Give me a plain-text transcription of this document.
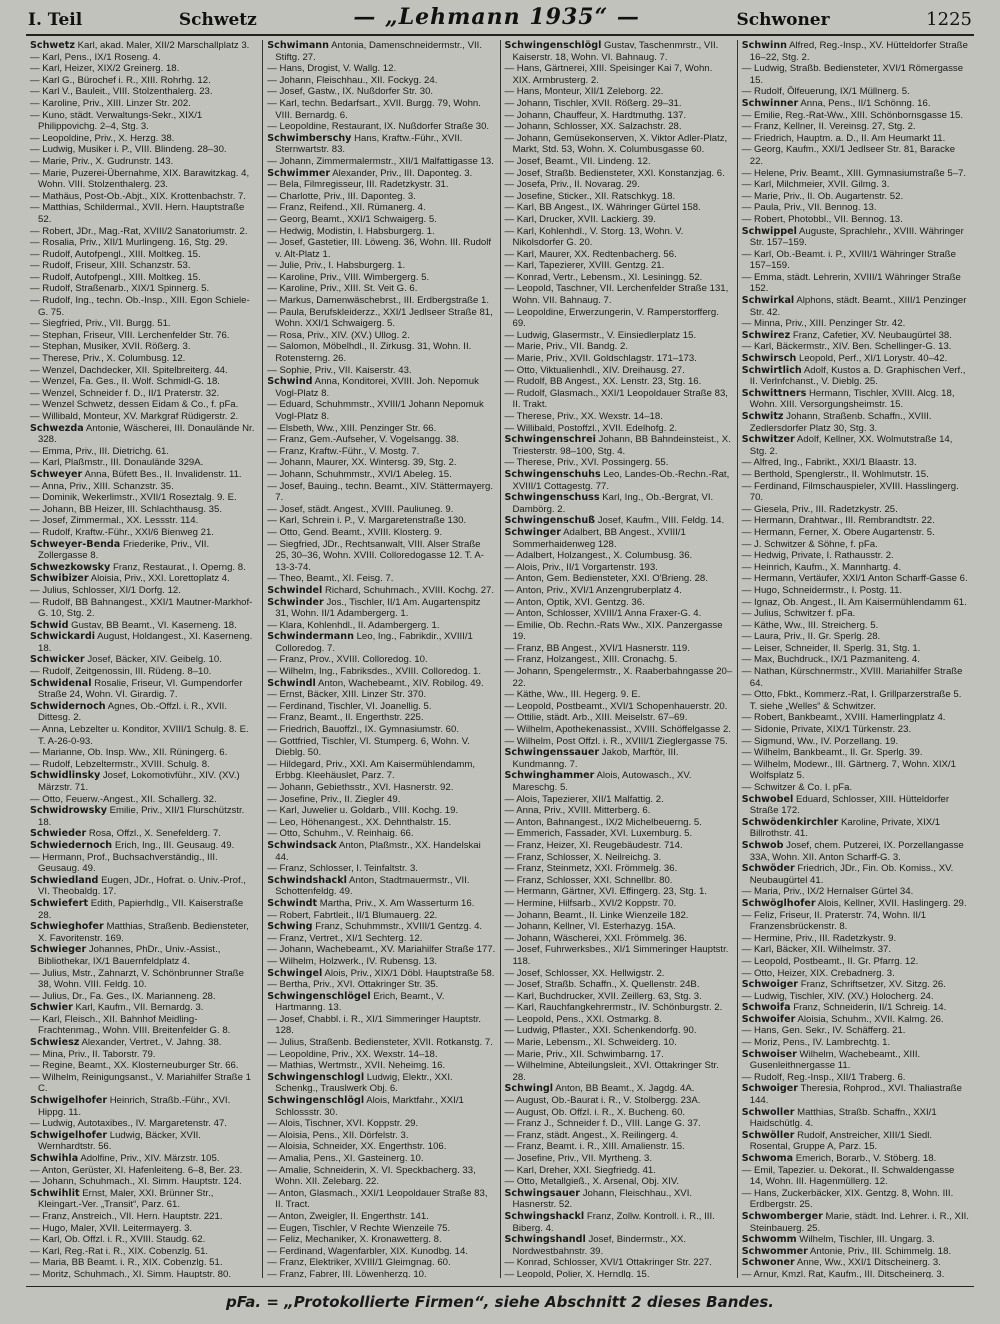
I. Teil	Schwetz	— „Lehmann 1935“ —	Schwoner	1225

Schwetz Karl, akad. Maler, XII/2 Marschallplatz 3.

— Karl, Pens., IX/1 Roseng. 4.

— Karl, Heizer, XIX/2 Greinerg. 18.

— Karl G., Bürochef i. R., XIII. Rohrhg. 12.

— Karl V., Bauleit., VIII. Stolzenthalerg. 23.

— Karoline, Priv., XIII. Linzer Str. 202.

— Kuno, städt. Verwaltungs-Sekr., XIX/1 Philippovichg. 2–4, Stg. 3.

— Leopoldine, Priv., X. Herzg. 38.

— Ludwig, Musiker i. P., VIII. Blindeng. 28–30.

— Marie, Priv., X. Gudrunstr. 143.

— Marie, Puzerei-Übernahme, XIX. Barawitzkag. 4, Wohn. VIII. Stolzenthalerg. 23.

— Mathäus, Post-Ob.-Abjt., XIX. Krottenbachstr. 7.

— Matthias, Schildermal., XVII. Hern. Hauptstraße 52.

— Robert, JDr., Mag.-Rat, XVIII/2 Sanatoriumstr. 2.

— Rosalia, Priv., XII/1 Murlingeng. 16, Stg. 29.

— Rudolf, Autofpengl., XIII. Moltkeg. 15.

— Rudolf, Friseur, XIII. Schanzstr. 53.

— Rudolf, Autofpengl., XIII. Moltkeg. 15.

— Rudolf, Straßenarb., XIX/1 Spinnerg. 5.

— Rudolf, Ing., techn. Ob.-Insp., XIII. Egon Schiele-G. 75.

— Siegfried, Priv., VII. Burgg. 51.

— Stephan, Friseur, VIII. Lerchenfelder Str. 76.

— Stephan, Musiker, XVII. Rößerg. 3.

— Therese, Priv., X. Columbusg. 12.

— Wenzel, Dachdecker, XII. Spitelbreiterg. 44.

— Wenzel, Fa. Ges., II. Wolf. Schmidl-G. 18.

— Wenzel, Schneider f. D., II/1 Praterstr. 32.

— Wenzel Schwetz, dessen Eidam & Co., f. pFa.

— Willibald, Monteur, XV. Markgraf Rüdigerstr. 2.

Schwezda Antonie, Wäscherei, III. Donaulände Nr. 328.

— Emma, Priv., III. Dietrichg. 61.

— Karl, Plaßmstr., III. Donaulände 329A.

Schweyer Anna, Büfett Bes., II. Invalidenstr. 11.

— Anna, Priv., XIII. Schanzstr. 35.

— Dominik, Wekerlimstr., XVII/1 Roseztalg. 9. E.

— Johann, BB Heizer, III. Schlachthausg. 35.

— Josef, Zimmermal., XX. Lessstr. 114.

— Rudolf, Kraftw.-Führ., XXI/6 Bienweg 21.

Schweyer-Benda Friederike, Priv., VII. Zollergasse 8.

Schwezkowsky Franz, Restaurat., I. Operng. 8.

Schwibizer Aloisia, Priv., XXI. Lorettoplatz 4.

— Julius, Schlosser, XI/1 Dorfg. 12.

— Rudolf, BB Bahnangest., XXI/1 Mautner-Markhof-G. 10, Stg. 2.

Schwid Gustav, BB Beamt., VI. Kaserneng. 18.

Schwickardi August, Holdangest., XI. Kaserneng. 18.

Schwicker Josef, Bäcker, XIV. Geibelg. 10.

— Rudolf, Zeitgenossin, III. Rüdeng. 8–10.

Schwidenal Rosalie, Friseur, VI. Gumpendorfer Straße 24, Wohn. VI. Girardig. 7.

Schwidernoch Agnes, Ob.-Offzl. i. R., XVII. Dittesg. 2.

— Anna, Lebzelter u. Konditor, XVIII/1 Schulg. 8. E. T. A-26-0-93.

— Marianne, Ob. Insp. Ww., XII. Rüningerg. 6.

— Rudolf, Lebzeltermstr., XVIII. Schulg. 8.

Schwidlinsky Josef, Lokomotivführ., XIV. (XV.) Märzstr. 71.

— Otto, Feuerw.-Angest., XII. Schallerg. 32.

Schwidrowsky Emilie, Priv., XII/1 Flurschützstr. 18.

Schwieder Rosa, Offzl., X. Senefelderg. 7.

Schwiedernoch Erich, Ing., III. Geusaug. 49.

— Hermann, Prof., Buchsachverständig., III. Geusaug. 49.

Schwiedland Eugen, JDr., Hofrat. o. Univ.-Prof., VI. Theobaldg. 17.

Schwiefert Edith, Papierhdlg., VII. Kaiserstraße 28.

Schwieghofer Matthias, Straßenb. Bediensteter, X. Favoritenstr. 169.

Schwieger Johannes, PhDr., Univ.-Assist., Bibliothekar, IX/1 Bauernfeldplatz 4.

— Julius, Mstr., Zahnarzt, V. Schönbrunner Straße 38, Wohn. VIII. Feldg. 10.

— Julius, Dr., Fa. Ges., IX. Marianneng. 28.

Schwier Karl, Kaufm., VII. Bernardg. 3.

— Karl, Fleisch., XII. Bahnhof Meidling-Frachtenmag., Wohn. VIII. Breitenfelder G. 8.

Schwiesz Alexander, Vertret., V. Jahng. 38.

— Mina, Priv., II. Taborstr. 79.

— Regine, Beamt., XX. Klosterneuburger Str. 66.

— Wilhelm, Reinigungsanst., V. Mariahilfer Straße 1 C.

Schwigelhofer Heinrich, Straßb.-Führ., XVI. Hippg. 11.

— Ludwig, Autotaxibes., IV. Margaretenstr. 47.

Schwigelhofer Ludwig, Bäcker, XVII. Wernhardtstr. 56.

Schwihla Adolfine, Priv., XIV. Märzstr. 105.

— Anton, Gerüster, XI. Hafenleiteng. 6–8, Ber. 23.

— Johann, Schuhmach., XI. Simm. Hauptstr. 124.

Schwihlit Ernst, Maler, XXI. Brünner Str., Kleingart.-Ver. „Transit“, Parz. 61.

— Franz, Anstreich., VII. Hern. Hauptstr. 221.

— Hugo, Maler, XVII. Leitermayerg. 3.

— Karl, Ob. Offzl. i. R., XVIII. Staudg. 62.

— Karl, Reg.-Rat i. R., XIX. Cobenzlg. 51.

— Maria, BB Beamt. i. R., XIX. Cobenzlg. 51.

— Moritz, Schuhmach., XI. Simm. Hauptstr. 80.

Schwimann Antonia, Damenschneidermstr., VII. Stiftg. 27.

— Hans, Drogist, V. Wallg. 12.

— Johann, Fleischhau., XII. Fockyg. 24.

— Josef, Gastw., IX. Nußdorfer Str. 30.

— Karl, techn. Bedarfsart., XVII. Burgg. 79, Wohn. VIII. Bernardg. 6.

— Leopoldine, Restaurant, IX. Nußdorfer Straße 30.

Schwimberschy Hans, Kraftw.-Führ., XVII. Sternwartstr. 83.

— Johann, Zimmermalermstr., XII/1 Malfattigasse 13.

Schwimmer Alexander, Priv., III. Daponteg. 3.

— Bela, Filmregisseur, III. Radetzkystr. 31.

— Charlotte, Priv., III. Daponteg. 3.

— Franz, Reifend., XII. Rümanerg. 4.

— Georg, Beamt., XXI/1 Schwaigerg. 5.

— Hedwig, Modistin, I. Habsburgerg. 1.

— Josef, Gastetier, III. Löweng. 36, Wohn. III. Rudolf v. Alt-Platz 1.

— Julie, Priv., I. Habsburgerg. 1.

— Karoline, Priv., VIII. Wimbergerg. 5.

— Karoline, Priv., XIII. St. Veit G. 6.

— Markus, Damenwäschebrst., III. Erdbergstraße 1.

— Paula, Berufskleiderzz., XXI/1 Jedlseer Straße 81, Wohn. XXI/1 Schwaigerg. 5.

— Rosa, Priv., XIV. (XV.) Ullog. 2.

— Salomon, Möbelhdl., II. Zirkusg. 31, Wohn. II. Rotensterng. 26.

— Sophie, Priv., VII. Kaiserstr. 43.

Schwind Anna, Konditorei, XVIII. Joh. Nepomuk Vogl-Platz 8.

— Eduard, Schuhmmstr., XVIII/1 Johann Nepomuk Vogl-Platz 8.

— Elsbeth, Ww., XIII. Penzinger Str. 66.

— Franz, Gem.-Aufseher, V. Vogelsangg. 38.

— Franz, Kraftw.-Führ., V. Mostg. 7.

— Johann, Maurer, XX. Wintersg. 39, Stg. 2.

— Johann, Schuhmmstr., XVI/1 Abeleg. 15.

— Josef, Bauing., techn. Beamt., XIV. Stättermayerg. 7.

— Josef, städt. Angest., XVIII. Pauliuneg. 9.

— Karl, Schrein i. P., V. Margaretenstraße 130.

— Otto, Gend. Beamt., XVIII. Klosterg. 9.

— Siegfried, JDr., Rechtsanwalt, VIII. Alser Straße 25, 30–36, Wohn. XVIII. Colloredogasse 12. T. A-13-3-74.

— Theo, Beamt., XI. Feisg. 7.

Schwindel Richard, Schuhmach., XVIII. Kochg. 27.

Schwinder Jos., Tischler, II/1 Am. Augartenspitz 31, Wohn. II/1 Adambergerg. 1.

— Klara, Kohlenhdl., II. Adambergerg. 1.

Schwindermann Leo, Ing., Fabrikdir., XVIII/1 Colloredog. 7.

— Franz, Prov., XVIII. Colloredog. 10.

— Wilhelm, Ing., Fabriksdes., XVIII. Colloredog. 1.

Schwindl Anton, Wachebeamt., XIV. Robilog. 49.

— Ernst, Bäcker, XIII. Linzer Str. 370.

— Ferdinand, Tischler, VI. Joanellig. 5.

— Franz, Beamt., II. Engerthstr. 225.

— Friedrich, Bauoffzl., IX. Gymnasiumstr. 60.

— Gottfried, Tischler, VI. Stumperg. 6, Wohn. V. Dieblg. 50.

— Hildegard, Priv., XXI. Am Kaisermühlendamm, Erbbg. Kleehäuslet, Parz. 7.

— Johann, Gebiethsstr., XVI. Hasnerstr. 92.

— Josefine, Priv., II. Ziegler 49.

— Karl, Juwelier u. Goldarb., VIII. Kochg. 19.

— Leo, Höhenangest., XX. Dehnthalstr. 15.

— Otto, Schuhm., V. Reinhaig. 66.

Schwindsack Anton, Plaßmstr., XX. Handelskai 44.

— Franz, Schlosser, I. Teinfaltstr. 3.

Schwindshackl Anton, Stadtmauermstr., VII. Schottenfeldg. 49.

Schwindt Martha, Priv., X. Am Wasserturm 16.

— Robert, Fabrtleit., II/1 Blumauerg. 22.

Schwing Franz, Schuhmmstr., XVIII/1 Gentzg. 4.

— Franz, Vertret., XI/1 Sechterg. 12.

— Johann, Wachebeamt., XV. Mariahilfer Straße 177.

— Wilhelm, Holzwerk., IV. Rubensg. 13.

Schwingel Alois, Priv., XIX/1 Döbl. Hauptstraße 58.

— Bertha, Priv., XVI. Ottakringer Str. 35.

Schwingenschlögel Erich, Beamt., V. Hartmanng. 13.

— Josef, Chabbl. i. R., XI/1 Simmeringer Hauptstr. 128.

— Julius, Straßenb. Bediensteter, XVII. Rotkanstg. 7.

— Leopoldine, Priv., XX. Wexstr. 14–18.

— Mathias, Wertmstr., XVII. Neheimg. 16.

Schwingenschlogl Ludwig, Elektr., XXI. Schenkg., Trauslwerk Obj. 6.

Schwingenschlögl Alois, Marktfahr., XXI/1 Schlossstr. 30.

— Alois, Tischner, XVI. Koppstr. 29.

— Aloisia, Pens., XII. Dörfelstr. 3.

— Aloisia, Schneider, XX. Engerthstr. 106.

— Amalia, Pens., XI. Gasteinerg. 10.

— Amalie, Schneiderin, X. VI. Speckbacherg. 33, Wohn. XII. Zelebarg. 22.

— Anton, Glasmach., XXI/1 Leopoldauer Straße 83, II. Tract.

— Anton, Zweigler, II. Engerthstr. 141.

— Eugen, Tischler, V Rechte Wienzeile 75.

— Feliz, Mechaniker, X. Kronawetterg. 8.

— Ferdinand, Wagenfarbler, XIX. Kunodbg. 14.

— Franz, Elektriker, XVIII/1 Gleimgnag. 60.

— Franz, Fabrer, III. Löwenherzg. 10.

Schwingenschlögl Gustav, Taschenmrstr., VII. Kaiserstr. 18, Wohn. VI. Bahnaug. 7.

— Hans, Gärtnerei, XIII. Speisinger Kai 7, Wohn. XIX. Armbrusterg. 2.

— Hans, Monteur, XII/1 Zeleborg. 22.

— Johann, Tischler, XVII. Rößerg. 29–31.

— Johann, Chauffeur, X. Hardtmuthg. 137.

— Johann, Schlosser, XX. Salzachstr. 28.

— Johann, Gemüsekonserven, X. Viktor Adler-Platz, Markt, Std. 53, Wohn. X. Columbusgasse 60.

— Josef, Beamt., VII. Lindeng. 12.

— Josef, Straßb. Bediensteter, XXI. Konstanzjag. 6.

— Josefa, Priv., II. Novarag. 29.

— Josefine, Sticker., XII. Ratschkyg. 18.

— Karl, BB Angest., IX. Währinger Gürtel 158.

— Karl, Drucker, XVII. Lackierg. 39.

— Karl, Kohlenhdl., V. Storg. 13, Wohn. V. Nikolsdorfer G. 20.

— Karl, Maurer, XX. Redtenbacherg. 56.

— Karl, Tapezierer, XVIII. Gentzg. 21.

— Konrad, Vertr., Lebensm., XI. Lesiningg. 52.

— Leopold, Taschner, VII. Lerchenfelder Straße 131, Wohn. VII. Bahnaug. 7.

— Leopoldine, Erwerzungerin, V. Ramperstorfferg. 69.

— Ludwig, Glasermstr., V. Einsiedlerplatz 15.

— Marie, Priv., VII. Bandg. 2.

— Marie, Priv., XVII. Goldschlagstr. 171–173.

— Otto, Viktualienhdl., XIV. Dreihausg. 27.

— Rudolf, BB Angest., XX. Lenstr. 23, Stg. 16.

— Rudolf, Glasmach., XXI/1 Leopoldauer Straße 83, II. Trakt.

— Therese, Priv., XX. Wexstr. 14–18.

— Willibald, Postoffzl., XVII. Edelhofg. 2.

Schwingenschrei Johann, BB Bahndeinsteist., X. Triesterstr. 98–100, Stg. 4.

— Therese, Priv., XVI. Possingerg. 55.

Schwingenschuhs Leo, Landes-Ob.-Rechn.-Rat, XVIII/1 Cottagestg. 77.

Schwingenschuss Karl, Ing., Ob.-Bergrat, VI. Dambörg. 2.

Schwingenschuß Josef, Kaufm., VIII. Feldg. 14.

Schwinger Adalbert, BB Angest., XVIII/1 Sommerhaidenweg 128.

— Adalbert, Holzangest., X. Columbusg. 36.

— Alois, Priv., II/1 Vorgartenstr. 193.

— Anton, Gem. Bediensteter, XXI. O'Brieng. 28.

— Anton, Priv., XVI/1 Anzengruberplatz 4.

— Anton, Optik, XVI. Gentzg. 36.

— Anton, Schlosser, XVIII/1 Anna Fraxer-G. 4.

— Emilie, Ob. Rechn.-Rats Ww., XIX. Panzergasse 19.

— Franz, BB Angest., XVI/1 Hasnerstr. 119.

— Franz, Holzangest., XIII. Cronachg. 5.

— Johann, Spengelermstr., X. Raaberbahngasse 20–22.

— Käthe, Ww., III. Hegerg. 9. E.

— Leopold, Postbeamt., XVI/1 Schopenhauerstr. 20.

— Ottilie, städt. Arb., XIII. Meiselstr. 67–69.

— Wilhelm, Apothekenassist., XVIII. Schöffelgasse 2.

— Wilhelm, Post Offzl. i. R., XVIII/1 Zieglergasse 75.

Schwingenssauer Jakob, Marftör, III. Kundmanng. 7.

Schwinghammer Alois, Autowasch., XV. Mareschg. 5.

— Alois, Tapezierer, XII/1 Malfattig. 2.

— Anna, Priv., XVIII. Mitterberg. 6.

— Anton, Bahnangest., IX/2 Michelbeuerng. 5.

— Emmerich, Fassader, XVI. Luxemburg. 5.

— Franz, Heizer, XI. Reugebäudestr. 714.

— Franz, Schlosser, X. Neilreichg. 3.

— Franz, Steinmetz, XXI. Frömmelg. 36.

— Franz, Schlosser, XXI. Schnellbr. 80.

— Hermann, Gärtner, XVI. Effingerg. 23, Stg. 1.

— Hermine, Hilfsarb., XVI/2 Koppstr. 70.

— Johann, Beamt., II. Linke Wienzeile 182.

— Johann, Kellner, VI. Esterhazyg. 15A.

— Johann, Wäscherei, XXI. Frömmelg. 36.

— Josef, Fuhrwerksbes., XI/1 Simmeringer Hauptstr. 118.

— Josef, Schlosser, XX. Hellwigstr. 2.

— Josef, Straßb. Schaffn., X. Quellenstr. 24B.

— Karl, Buchdrucker, XVII. Zeillerg. 63, Stg. 3.

— Karl, Rauchfangkehrermstr., IV. Schönburgstr. 2.

— Leopold, Pens., XXI. Ostmarkg. 8.

— Ludwig, Pflaster., XXI. Schenkendorfg. 90.

— Marie, Lebensm., XI. Schweiderg. 10.

— Marie, Priv., XII. Schwimbarng. 17.

— Wilhelmine, Abteilungsleit., XVI. Ottakringer Str. 28.

Schwingl Anton, BB Beamt., X. Jagdg. 4A.

— August, Ob.-Baurat i. R., V. Stolbergg. 23A.

— August, Ob. Offzl. i. R., X. Bucheng. 60.

— Franz J., Schneider f. D., VIII. Lange G. 37.

— Franz, städt. Angest., X. Reilingerg. 4.

— Franz, Beamt. i. R., XIII. Amalienstr. 15.

— Josefine, Priv., VII. Myrtheng. 3.

— Karl, Dreher, XXI. Siegfriedg. 41.

— Otto, Metallgieß., X. Arsenal, Obj. XIV.

Schwingsauer Johann, Fleischhau., XVI. Hasnerstr. 52.

Schwingshackl Franz, Zollw. Kontroll. i. R., III. Biberg. 4.

Schwingshandl Josef, Bindermstr., XX. Nordwestbahnstr. 39.

— Konrad, Schlosser, XVI/1 Ottakringer Str. 227.

— Leopold, Polier, X. Herndlg. 15.

Schwinn Alfred, Reg.-Insp., XV. Hütteldorfer Straße 16–22, Stg. 2.

— Ludwig, Straßb. Bediensteter, XVI/1 Römergasse 15.

— Rudolf, Ölfeuerung, IX/1 Müllnerg. 5.

Schwinner Anna, Pens., II/1 Schönng. 16.

— Emilie, Reg.-Rat-Ww., XIII. Schönbornsgasse 15.

— Franz, Kellner, II. Vereinsg. 27, Stg. 2.

— Friedrich, Hauptm. a. D., II. Am Heumarkt 11.

— Georg, Kaufm., XXI/1 Jedlseer Str. 81, Baracke 22.

— Helene, Priv. Beamt., XIII. Gymnasiumstraße 5–7.

— Karl, Milchmeier, XVII. Gilmg. 3.

— Marie, Priv., II. Ob. Augartenstr. 52.

— Paula, Priv., VII. Bennog. 13.

— Robert, Photobbl., VII. Bennog. 13.

Schwippel Auguste, Sprachlehr., XVIII. Währinger Str. 157–159.

— Karl, Ob.-Beamt. i. P., XVIII/1 Währinger Straße 157–159.

— Emma, städt. Lehrerin, XVIII/1 Währinger Straße 152.

Schwirkal Alphons, städt. Beamt., XIII/1 Penzinger Str. 42.

— Minna, Priv., XIII. Penzinger Str. 42.

Schwirez Franz, Cafetier, XV. Neubaugürtel 38.

— Karl, Bäckermstr., XIV. Ben. Schellinger-G. 13.

Schwirsch Leopold, Perf., XI/1 Lorystr. 40–42.

Schwirtlich Adolf, Kustos a. D. Graphischen Verf., II. Verlnfchanst., V. Dieblg. 25.

Schwittners Hermann, Tischler, XVIII. Alcg. 18, Wohn. XIII. Versorgungsheimstr. 15.

Schwitz Johann, Straßenb. Schaffn., XVIII. Zedlersdorfer Platz 30, Stg. 3.

Schwitzer Adolf, Kellner, XX. Wolmutstraße 14, Stg. 2.

— Alfred, Ing., Fabrikt., XXI/1 Blaastr. 13.

— Berthold, Spenglerstr., II. Wohlmutstr. 15.

— Ferdinand, Filmschauspieler, XVIII. Hasslingerg. 70.

— Giesela, Priv., III. Radetzkystr. 25.

— Hermann, Drahtwar., III. Rembrandtstr. 22.

— Hermann, Ferner, X. Obere Augartenstr. 5.

— J. Schwitzer & Söhne, f. pFa.

— Hedwig, Private, I. Rathausstr. 2.

— Heinrich, Kaufm., X. Mannhartg. 4.

— Hermann, Vertäufer, XXI/1 Anton Scharff-Gasse 6.

— Hugo, Schneidermstr., I. Postg. 11.

— Ignaz, Ob. Angest., II. Am Kaisermühlendamm 61.

— Julius, Schwitzer f. pFa.

— Käthe, Ww., III. Streicherg. 5.

— Laura, Priv., II. Gr. Sperlg. 28.

— Leiser, Schneider, II. Sperlg. 31, Stg. 1.

— Max, Buchdruck., IX/1 Pazmaniteng. 4.

— Nathan, Kürschnermstr., XVIII. Mariahilfer Straße 64.

— Otto, Fbkt., Kommerz.-Rat, I. Grillparzerstraße 5. T. siehe „Welles“ & Schwitzer.

— Robert, Bankbeamt., XVIII. Hamerlingplatz 4.

— Sidonie, Private, XIX/1 Türkenstr. 23.

— Sigmund, Ww., IV. Porzellang. 19.

— Wilhelm, Bankbeamt., II. Gr. Sperlg. 39.

— Wilhelm, Modewr., III. Gärtnerg. 7, Wohn. XIX/1 Wolfsplatz 5.

— Schwitzer & Co. I. pFa.

Schwobel Eduard, Schlosser, XIII. Hütteldorfer Straße 172.

Schwödenkirchler Karoline, Private, XIX/1 Billrothstr. 41.

Schwob Josef, chem. Putzerei, IX. Porzellangasse 33A, Wohn. XII. Anton Scharff-G. 3.

Schwöder Friedrich, JDr., Fin. Ob. Komiss., XV. Neubaugürtel 41.

— Maria, Priv., IX/2 Hernalser Gürtel 34.

Schwöglhofer Alois, Kellner, XVII. Haslingerg. 29.

— Feliz, Friseur, II. Praterstr. 74, Wohn. II/1 Franzensbrückenstr. 8.

— Hermine, Priv., III. Radetzkystr. 9.

— Karl, Bäcker, XII. Wilhelmstr. 37.

— Leopold, Postbeamt., II. Gr. Pfarrg. 12.

— Otto, Heizer, XIX. Crebadnerg. 3.

Schwoiger Franz, Schriftsetzer, XV. Sitzg. 26.

— Ludwig, Tischler, XIV. (XV.) Holocherg. 24.

Schwoifa Franz, Schneiderin, II/1 Schreig. 14.

Schwoifer Aloisia, Schuhm., XVII. Kalmg. 26.

— Hans, Gen. Sekr., IV. Schäfferg. 21.

— Moriz, Pens., IV. Lambrechtg. 1.

Schwoiser Wilhelm, Wachebeamt., XIII. Gusenleithnergasse 11.

— Rudolf, Reg.-Insp., XII/1 Traberg. 6.

Schwoiger Theresia, Rohprod., XVI. Thaliastraße 144.

Schwoller Matthias, Straßb. Schaffn., XXI/1 Haidschütlg. 4.

Schwöller Rudolf, Anstreicher, XIII/1 Siedl. Rosental, Gruppe A, Parz. 15.

Schwoma Emerich, Borarb., V. Stöberg. 18.

— Emil, Tapezier. u. Dekorat., II. Schwaldengasse 14, Wohn. III. Hagenmüllerg. 12.

— Hans, Zuckerbäcker, XIX. Gentzg. 8, Wohn. III. Erdbergstr. 25.

Schwomberger Marie, städt. Ind. Lehrer. i. R., XII. Steinbauerg. 25.

Schwomm Wilhelm, Tischler, III. Ungarg. 3.

Schwommer Antonie, Priv., III. Schimmelg. 18.

Schwoner Anne, Ww., XXI/1 Ditscheinerg. 3.

— Arnur, Kmzl. Rat, Kaufm., III. Ditscheinerg. 3.

pFa. = „Protokollierte Firmen“, siehe Abschnitt 2 dieses Bandes.
